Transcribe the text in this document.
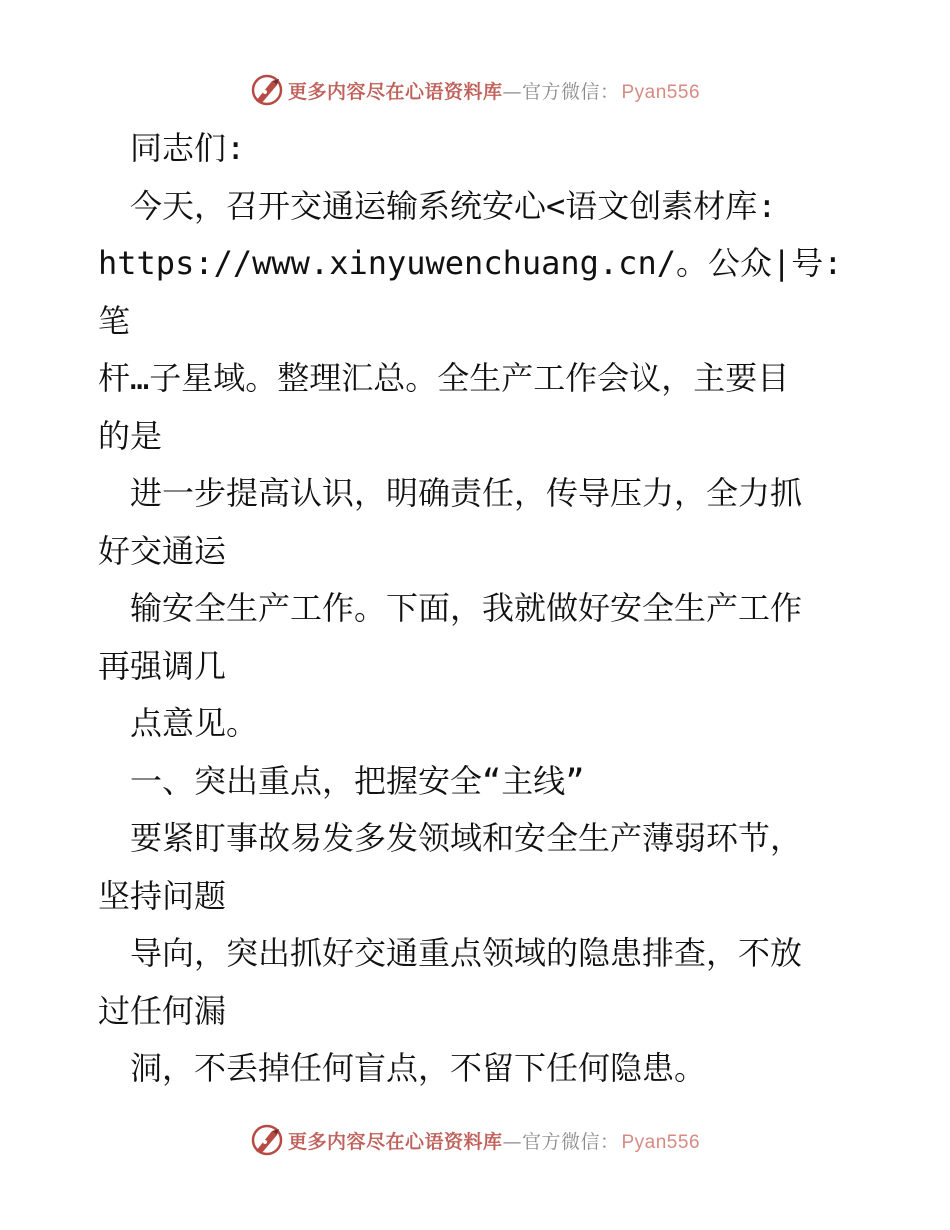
更多内容尽在心语资料库—官方微信： Pyan556

　同志们:

　今天，召开交通运输系统安心<语文创素材库:

https://www.xinyuwenchuang.cn/。公众|号: 笔

杆…子星域。整理汇总。全生产工作会议，主要目

的是

　进一步提高认识，明确责任，传导压力，全力抓

好交通运

　输安全生产工作。下面，我就做好安全生产工作

再强调几

　点意见。

　一、突出重点，把握安全“主线”

　要紧盯事故易发多发领域和安全生产薄弱环节，

坚持问题

　导向，突出抓好交通重点领域的隐患排查，不放

过任何漏

　洞，不丢掉任何盲点，不留下任何隐患。

更多内容尽在心语资料库—官方微信： Pyan556
